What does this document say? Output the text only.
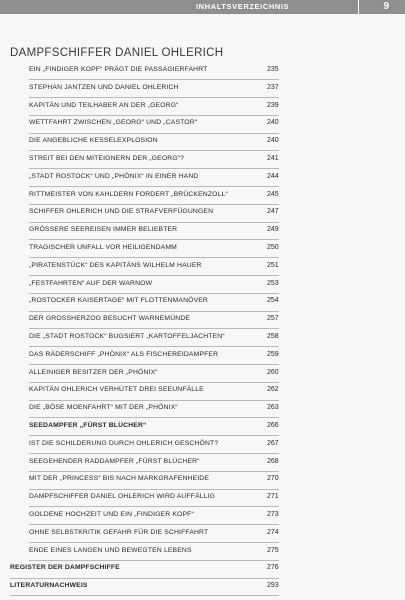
INHALTSVERZEICHNIS	9
DAMPFSCHIFFER DANIEL OHLERICH
EIN „FINDIGER KOPF“ PRÄGT DIE PASSAGIERFAHRT	235
STEPHAN JANTZEN UND DANIEL OHLERICH	237
KAPITÄN UND TEILHABER AN DER „GEORG“	239
WETTFAHRT ZWISCHEN „GEORG“ UND „CASTOR“	240
DIE ANGEBLICHE KESSELEXPLOSION	240
STREIT BEI DEN MITEIGNERN DER „GEORG“?	241
„STADT ROSTOCK“ UND „PHÖNIX“ IN EINER HAND	244
RITTMEISTER VON KAHLDERN FORDERT „BRÜCKENZOLL“	245
SCHIFFER OHLERICH UND DIE STRAFVERFÜGUNGEN	247
GRÖSSERE SEEREISEN IMMER BELIEBTER	249
TRAGISCHER UNFALL VOR HEILIGENDAMM	250
„PIRATENSTÜCK“ DES KAPITÄNS WILHELM HAUER	251
„FESTFAHRTEN“ AUF DER WARNOW	253
„ROSTOCKER KAISERTAGE“ MIT FLOTTENMANÖVER	254
DER GROSSHERZOG BESUCHT WARNEMÜNDE	257
DIE „STADT ROSTOCK“ BUGSIERT „KARTOFFELJACHTEN“	258
DAS RÄDERSCHIFF „PHÖNIX“ ALS FISCHEREIDAMPFER	259
ALLEINIGER BESITZER DER „PHÖNIX“	260
KAPITÄN OHLERICH VERHÜTET DREI SEEUNFÄLLE	262
DIE „BÖSE MOENFAHRT“ MIT DER „PHÖNIX“	263
SEEDAMPFER „FÜRST BLÜCHER“	266
IST DIE SCHILDERUNG DURCH OHLERICH GESCHÖNT?	267
SEEGEHENDER RADDAMPFER „FÜRST BLÜCHER“	268
MIT DER „PRINCESS“ BIS NACH MARKGRAFENHEIDE	270
DAMPFSCHIFFER DANIEL OHLERICH WIRD AUFFÄLLIG	271
GOLDENE HOCHZEIT UND EIN „FINDIGER KOPF“	273
OHNE SELBSTKRITIK GEFAHR FÜR DIE SCHIFFAHRT	274
ENDE EINES LANGEN UND BEWEGTEN LEBENS	275
REGISTER DER DAMPFSCHIFFE	276
LITERATURNACHWEIS	293
